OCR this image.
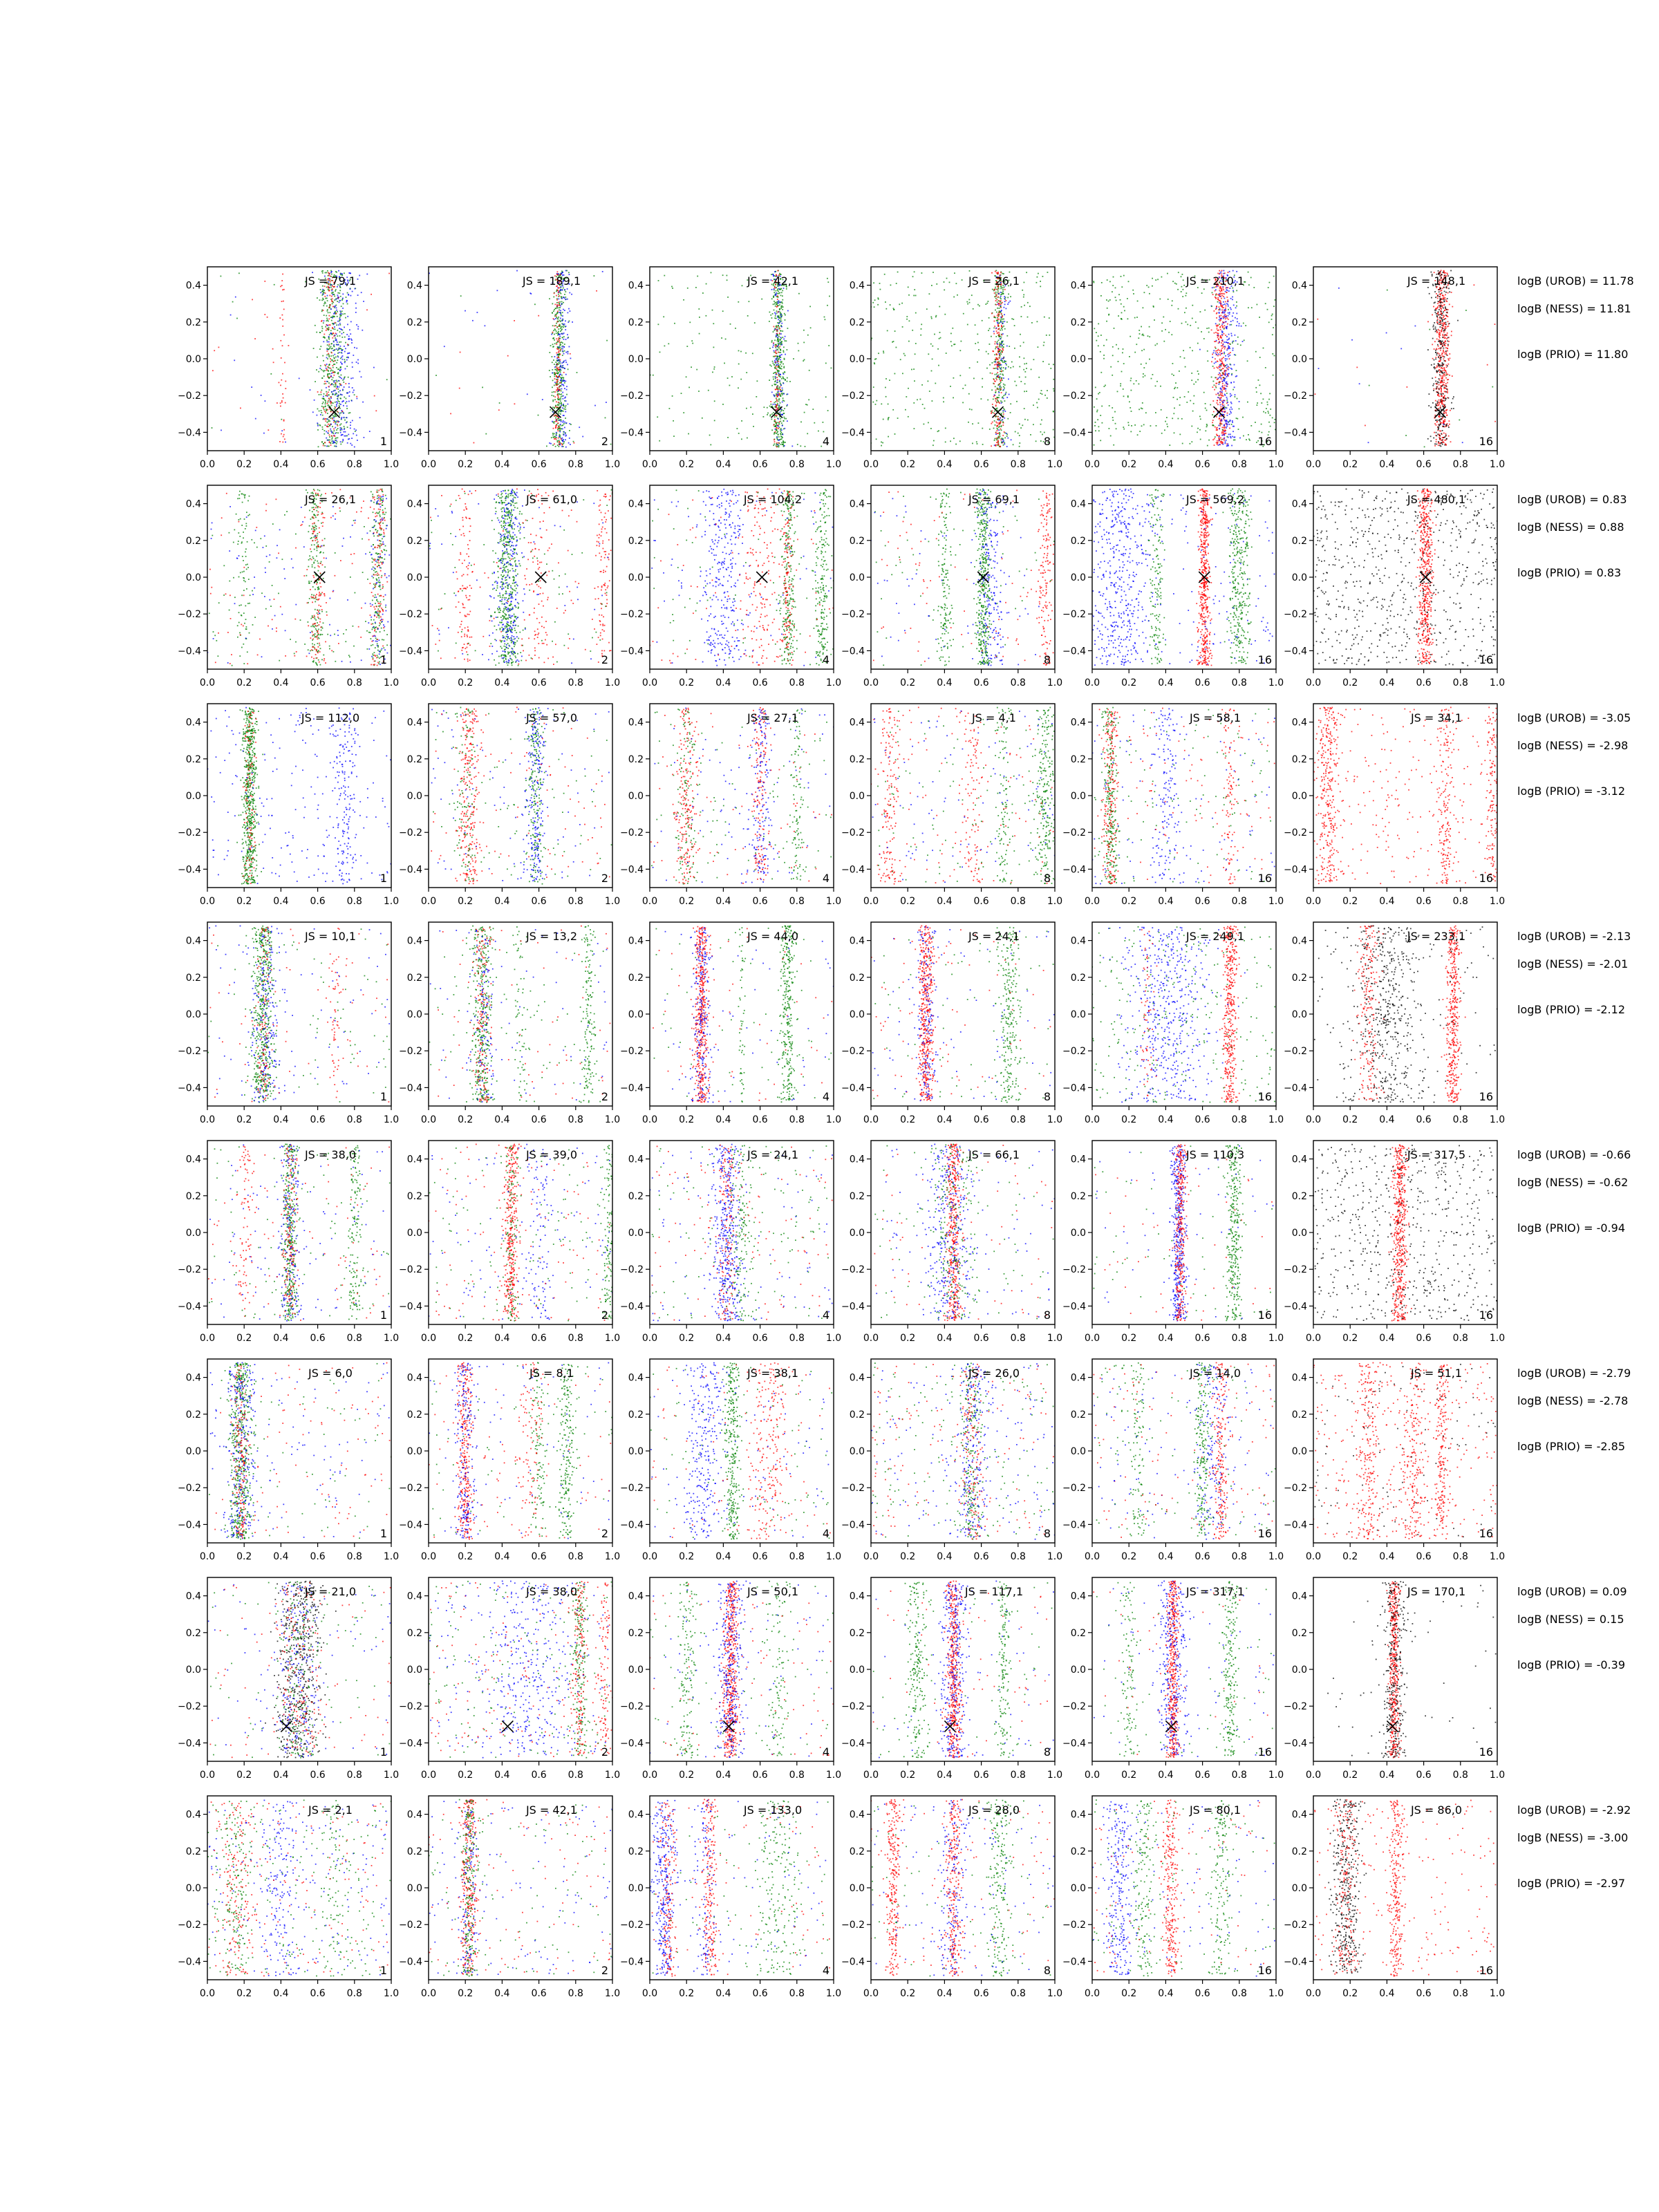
0.0 0.2 0.4 0.6 0.8 1.0
−0.4
−0.2
0.0
0.2
0.4	JS = 79,1
1
0.0 0.2 0.4 0.6 0.8 1.0
−0.4
−0.2
0.0
0.2
0.4	JS = 189,1
2
0.0 0.2 0.4 0.6 0.8 1.0
−0.4
−0.2
0.0
0.2
0.4	JS = 42,1
4
0.0 0.2 0.4 0.6 0.8 1.0
−0.4
−0.2
0.0
0.2
0.4	JS = 26,1
8
0.0 0.2 0.4 0.6 0.8 1.0
−0.4
−0.2
0.0
0.2
0.4	JS = 210,1
16
0.0 0.2 0.4 0.6 0.8 1.0
−0.4
−0.2
0.0
0.2
0.4	JS = 148,1
16
logB (UROB) = 11.78
logB (NESS) = 11.81
logB (PRIO) = 11.80
0.0 0.2 0.4 0.6 0.8 1.0
−0.4
−0.2
0.0
0.2
0.4	JS = 26,1
1
0.0 0.2 0.4 0.6 0.8 1.0
−0.4
−0.2
0.0
0.2
0.4	JS = 61,0
2
0.0 0.2 0.4 0.6 0.8 1.0
−0.4
−0.2
0.0
0.2
0.4	JS = 104,2
4
0.0 0.2 0.4 0.6 0.8 1.0
−0.4
−0.2
0.0
0.2
0.4	JS = 69,1
8
0.0 0.2 0.4 0.6 0.8 1.0
−0.4
−0.2
0.0
0.2
0.4	JS = 569,2
16
0.0 0.2 0.4 0.6 0.8 1.0
−0.4
−0.2
0.0
0.2
0.4	JS = 480,1
16
logB (UROB) = 0.83
logB (NESS) = 0.88
logB (PRIO) = 0.83
0.0 0.2 0.4 0.6 0.8 1.0
−0.4
−0.2
0.0
0.2
0.4	JS = 112,0
1
0.0 0.2 0.4 0.6 0.8 1.0
−0.4
−0.2
0.0
0.2
0.4	JS = 57,0
2
0.0 0.2 0.4 0.6 0.8 1.0
−0.4
−0.2
0.0
0.2
0.4	JS = 27,1
4
0.0 0.2 0.4 0.6 0.8 1.0
−0.4
−0.2
0.0
0.2
0.4	JS = 4,1
8
0.0 0.2 0.4 0.6 0.8 1.0
−0.4
−0.2
0.0
0.2
0.4	JS = 58,1
16
0.0 0.2 0.4 0.6 0.8 1.0
−0.4
−0.2
0.0
0.2
0.4	JS = 34,1
16
logB (UROB) = -3.05
logB (NESS) = -2.98
logB (PRIO) = -3.12
0.0 0.2 0.4 0.6 0.8 1.0
−0.4
−0.2
0.0
0.2
0.4	JS = 10,1
1
0.0 0.2 0.4 0.6 0.8 1.0
−0.4
−0.2
0.0
0.2
0.4	JS = 13,2
2
0.0 0.2 0.4 0.6 0.8 1.0
−0.4
−0.2
0.0
0.2
0.4	JS = 44,0
4
0.0 0.2 0.4 0.6 0.8 1.0
−0.4
−0.2
0.0
0.2
0.4	JS = 24,1
8
0.0 0.2 0.4 0.6 0.8 1.0
−0.4
−0.2
0.0
0.2
0.4	JS = 249,1
16
0.0 0.2 0.4 0.6 0.8 1.0
−0.4
−0.2
0.0
0.2
0.4	JS = 233,1
16
logB (UROB) = -2.13
logB (NESS) = -2.01
logB (PRIO) = -2.12
0.0 0.2 0.4 0.6 0.8 1.0
−0.4
−0.2
0.0
0.2
0.4	JS = 38,0
1
0.0 0.2 0.4 0.6 0.8 1.0
−0.4
−0.2
0.0
0.2
0.4	JS = 39,0
2
0.0 0.2 0.4 0.6 0.8 1.0
−0.4
−0.2
0.0
0.2
0.4	JS = 24,1
4
0.0 0.2 0.4 0.6 0.8 1.0
−0.4
−0.2
0.0
0.2
0.4	JS = 66,1
8
0.0 0.2 0.4 0.6 0.8 1.0
−0.4
−0.2
0.0
0.2
0.4	JS = 110,3
16
0.0 0.2 0.4 0.6 0.8 1.0
−0.4
−0.2
0.0
0.2
0.4	JS = 317,5
16
logB (UROB) = -0.66
logB (NESS) = -0.62
logB (PRIO) = -0.94
0.0 0.2 0.4 0.6 0.8 1.0
−0.4
−0.2
0.0
0.2
0.4	JS = 6,0
1
0.0 0.2 0.4 0.6 0.8 1.0
−0.4
−0.2
0.0
0.2
0.4	JS = 8,1
2
0.0 0.2 0.4 0.6 0.8 1.0
−0.4
−0.2
0.0
0.2
0.4	JS = 38,1
4
0.0 0.2 0.4 0.6 0.8 1.0
−0.4
−0.2
0.0
0.2
0.4	JS = 26,0
8
0.0 0.2 0.4 0.6 0.8 1.0
−0.4
−0.2
0.0
0.2
0.4	JS = 14,0
16
0.0 0.2 0.4 0.6 0.8 1.0
−0.4
−0.2
0.0
0.2
0.4	JS = 51,1
16
logB (UROB) = -2.79
logB (NESS) = -2.78
logB (PRIO) = -2.85
0.0 0.2 0.4 0.6 0.8 1.0
−0.4
−0.2
0.0
0.2
0.4	JS = 21,0
1
0.0 0.2 0.4 0.6 0.8 1.0
−0.4
−0.2
0.0
0.2
0.4	JS = 38,0
2
0.0 0.2 0.4 0.6 0.8 1.0
−0.4
−0.2
0.0
0.2
0.4	JS = 50,1
4
0.0 0.2 0.4 0.6 0.8 1.0
−0.4
−0.2
0.0
0.2
0.4	JS = 117,1
8
0.0 0.2 0.4 0.6 0.8 1.0
−0.4
−0.2
0.0
0.2
0.4	JS = 317,1
16
0.0 0.2 0.4 0.6 0.8 1.0
−0.4
−0.2
0.0
0.2
0.4	JS = 170,1
16
logB (UROB) = 0.09
logB (NESS) = 0.15
logB (PRIO) = -0.39
0.0 0.2 0.4 0.6 0.8 1.0
−0.4
−0.2
0.0
0.2
0.4	JS = 2,1
1
0.0 0.2 0.4 0.6 0.8 1.0
−0.4
−0.2
0.0
0.2
0.4	JS = 42,1
2
0.0 0.2 0.4 0.6 0.8 1.0
−0.4
−0.2
0.0
0.2
0.4	JS = 133,0
4
0.0 0.2 0.4 0.6 0.8 1.0
−0.4
−0.2
0.0
0.2
0.4	JS = 28,0
8
0.0 0.2 0.4 0.6 0.8 1.0
−0.4
−0.2
0.0
0.2
0.4	JS = 80,1
16
0.0 0.2 0.4 0.6 0.8 1.0
−0.4
−0.2
0.0
0.2
0.4	JS = 86,0
16
logB (UROB) = -2.92
logB (NESS) = -3.00
logB (PRIO) = -2.97
